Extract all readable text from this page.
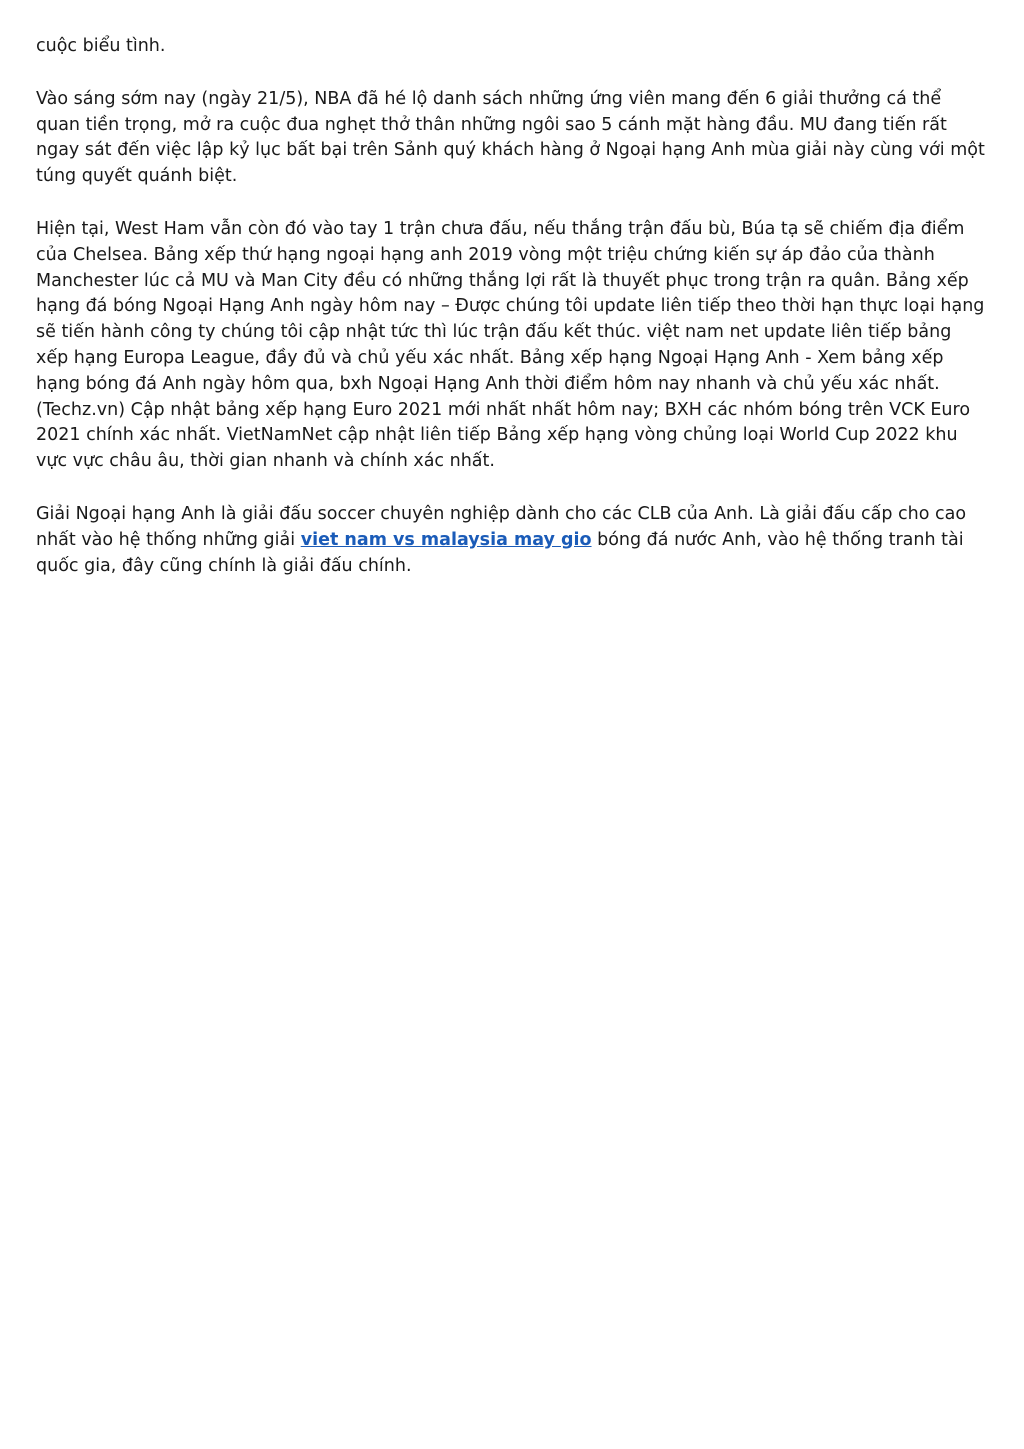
cuộc biểu tình.

Vào sáng sớm nay (ngày 21/5), NBA đã hé lộ danh sách những ứng viên mang đến 6 giải thưởng cá thể quan tiền trọng, mở ra cuộc đua nghẹt thở thân những ngôi sao 5 cánh mặt hàng đầu. MU đang tiến rất ngay sát đến việc lập kỷ lục bất bại trên Sảnh quý khách hàng ở Ngoại hạng Anh mùa giải này cùng với một túng quyết quánh biệt.

Hiện tại, West Ham vẫn còn đó vào tay 1 trận chưa đấu, nếu thắng trận đấu bù, Búa tạ sẽ chiếm địa điểm của Chelsea. Bảng xếp thứ hạng ngoại hạng anh 2019 vòng một triệu chứng kiến sự áp đảo của thành Manchester lúc cả MU và Man City đều có những thắng lợi rất là thuyết phục trong trận ra quân. Bảng xếp hạng đá bóng Ngoại Hạng Anh ngày hôm nay – Được chúng tôi update liên tiếp theo thời hạn thực loại hạng sẽ tiến hành công ty chúng tôi cập nhật tức thì lúc trận đấu kết thúc. việt nam net update liên tiếp bảng xếp hạng Europa League, đầy đủ và chủ yếu xác nhất. Bảng xếp hạng Ngoại Hạng Anh - Xem bảng xếp hạng bóng đá Anh ngày hôm qua, bxh Ngoại Hạng Anh thời điểm hôm nay nhanh và chủ yếu xác nhất. (Techz.vn) Cập nhật bảng xếp hạng Euro 2021 mới nhất nhất hôm nay; BXH các nhóm bóng trên VCK Euro 2021 chính xác nhất. VietNamNet cập nhật liên tiếp Bảng xếp hạng vòng chủng loại World Cup 2022 khu vực vực châu âu, thời gian nhanh và chính xác nhất.

Giải Ngoại hạng Anh là giải đấu soccer chuyên nghiệp dành cho các CLB của Anh. Là giải đấu cấp cho cao nhất vào hệ thống những giải viet nam vs malaysia may gio bóng đá nước Anh, vào hệ thống tranh tài quốc gia, đây cũng chính là giải đấu chính.
